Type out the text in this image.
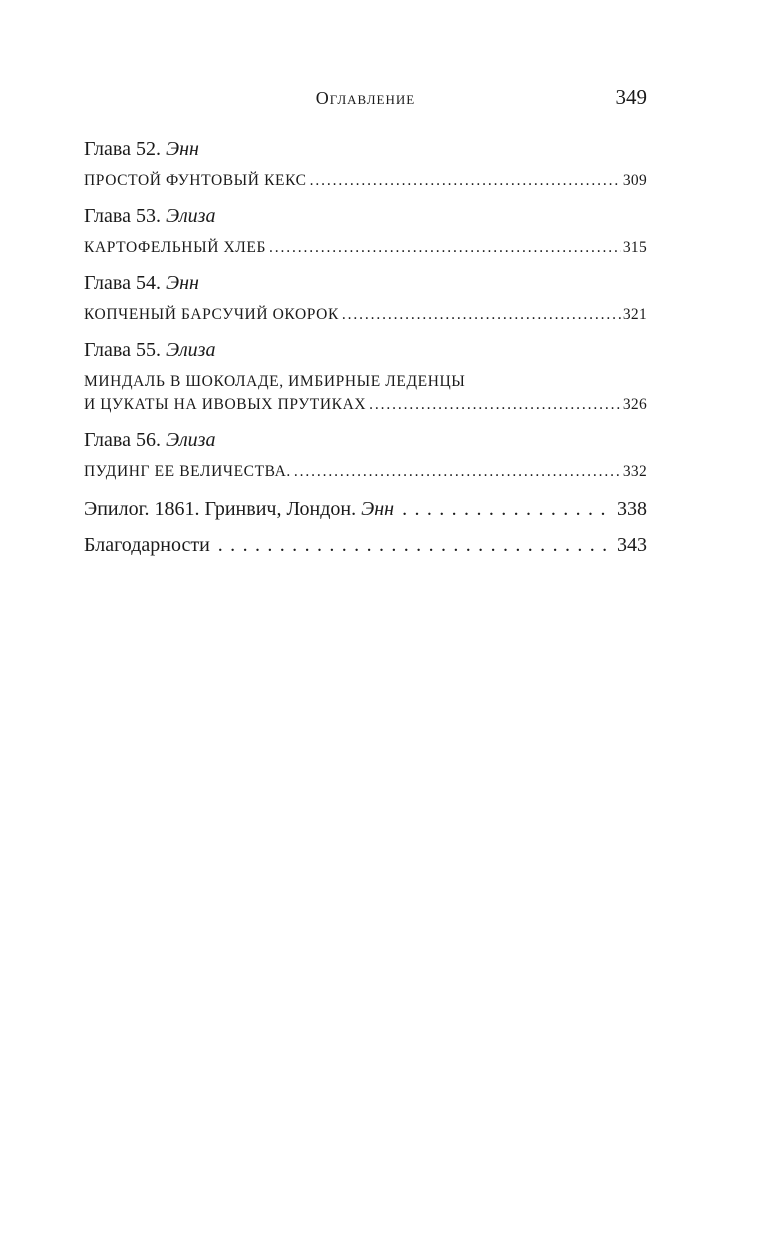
Оглавление	349
Глава 52. Энн
ПРОСТОЙ ФУНТОВЫЙ КЕКС . . .	309
Глава 53. Элиза
КАРТОФЕЛЬНЫЙ ХЛЕБ . . .	315
Глава 54. Энн
КОПЧЕНЫЙ БАРСУЧИЙ ОКОРОК . . .	321
Глава 55. Элиза
МИНДАЛЬ В ШОКОЛАДЕ, ИМБИРНЫЕ ЛЕДЕНЦЫ
И ЦУКАТЫ НА ИВОВЫХ ПРУТИКАХ . . .	326
Глава 56. Элиза
ПУДИНГ ЕЕ ВЕЛИЧЕСТВА. . . .	332
Эпилог. 1861. Гринвич, Лондон. Энн . . .	338
Благодарности . . .	343
